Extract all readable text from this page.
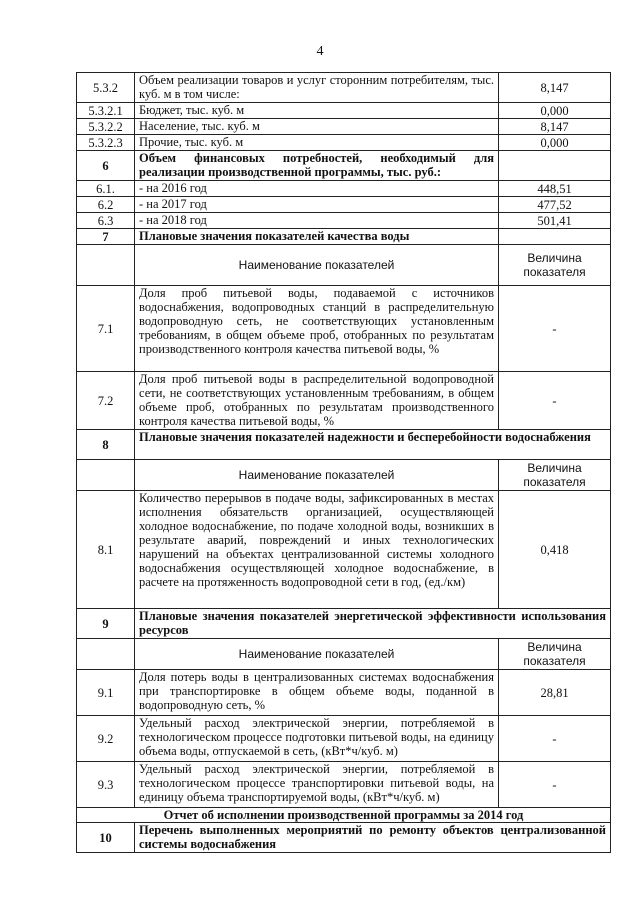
4
5.3.2	Объем реализации товаров и услуг сторонним потребителям, тыс. куб. м в том числе:	8,147
5.3.2.1	Бюджет, тыс. куб. м	0,000
5.3.2.2	Население, тыс. куб. м	8,147
5.3.2.3	Прочие, тыс. куб. м	0,000
6	Объем финансовых потребностей, необходимый для реализации производственной программы, тыс. руб.:	
6.1.	- на 2016 год	448,51
6.2	- на 2017 год	477,52
6.3	- на 2018 год	501,41
7	Плановые значения показателей качества воды	
	Наименование показателей	Величина показателя
7.1	Доля проб питьевой воды, подаваемой с источников водоснабжения, водопроводных станций в распределительную водопроводную сеть, не соответствующих установленным требованиям, в общем объеме проб, отобранных по результатам производственного контроля качества питьевой воды, %	-
7.2	Доля проб питьевой воды в распределительной водопроводной сети, не соответствующих установленным требованиям, в общем объеме проб, отобранных по результатам производственного контроля качества питьевой воды, %	-
8	Плановые значения показателей надежности и бесперебойности водоснабжения	

	Наименование показателей	Величина показателя
8.1	Количество перерывов в подаче воды, зафиксированных в местах исполнения обязательств организацией, осуществляющей холодное водоснабжение, по подаче холодной воды, возникших в результате аварий, повреждений и иных технологических нарушений на объектах централизованной системы холодного водоснабжения осуществляющей холодное водоснабжение, в расчете на протяженность водопроводной сети в год, (ед./км)	0,418
9	Плановые значения показателей энергетической эффективности использования ресурсов	

	Наименование показателей	Величина показателя
9.1	Доля потерь воды в централизованных системах водоснабжения при транспортировке в общем объеме воды, поданной в водопроводную сеть, %	28,81
9.2	Удельный расход электрической энергии, потребляемой в технологическом процессе подготовки питьевой воды, на единицу объема воды, отпускаемой в сеть, (кВт*ч/куб. м)	-
9.3	Удельный расход электрической энергии, потребляемой в технологическом процессе транспортировки питьевой воды, на единицу объема транспортируемой воды, (кВт*ч/куб. м)	-
Отчет об исполнении производственной программы за 2014 год		
10	Перечень выполненных мероприятий по ремонту объектов централизованной системы водоснабжения	
